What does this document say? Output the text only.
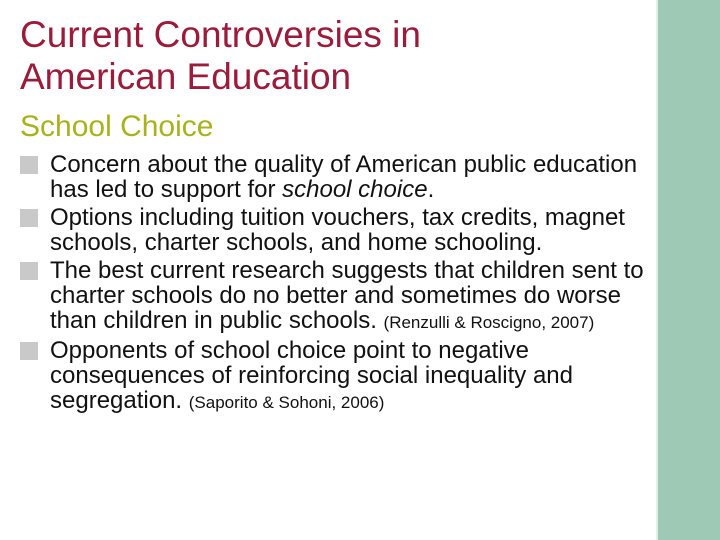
Current Controversies in
American Education
School Choice
Concern about the quality of American public education has led to support for school choice.
Options including tuition vouchers, tax credits, magnet schools, charter schools, and home schooling.
The best current research suggests that children sent to charter schools do no better and sometimes do worse than children in public schools. (Renzulli & Roscigno, 2007)
Opponents of school choice point to negative consequences of reinforcing social inequality and segregation. (Saporito & Sohoni, 2006)
